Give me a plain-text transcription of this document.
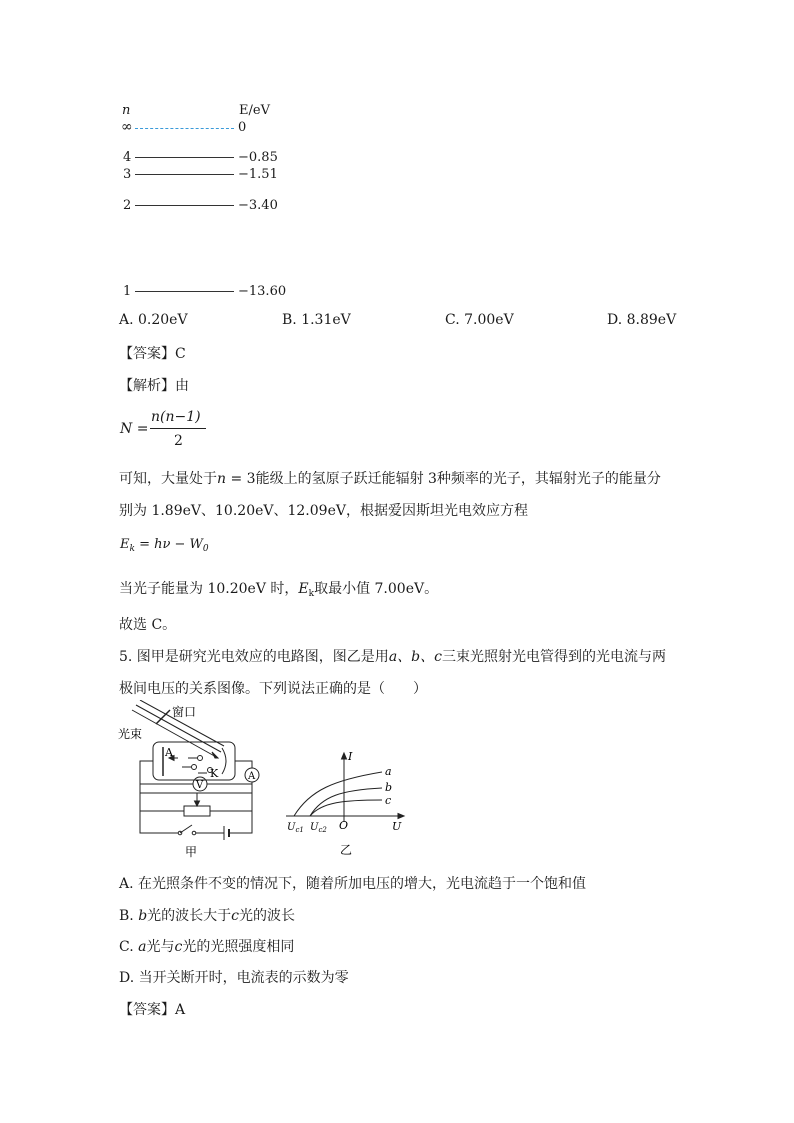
n	E/eV
∞	0
4	−0.85
3	−1.51
2	−3.40
1	−13.60
A. 0.20eV	B. 1.31eV	C. 7.00eV	D. 8.89eV
【答案】C
【解析】由
N =
n(n−1)
2
可知，大量处于n = 3能级上的氢原子跃迁能辐射 3种频率的光子，其辐射光子的能量分
别为 1.89eV、10.20eV、12.09eV，根据爱因斯坦光电效应方程
$E_k = h\nu - W_0$
当光子能量为 10.20eV 时，$E_k$取最小值 7.00eV。
故选 C。
5. 图甲是研究光电效应的电路图，图乙是用a、b、c三束光照射光电管得到的光电流与两
极间电压的关系图像。下列说法正确的是（　　）
窗口
光束
A
K
V
A
甲
I
U
O
a
b
c
$U_{c1}$ $U_{c2}$
乙
A. 在光照条件不变的情况下，随着所加电压的增大，光电流趋于一个饱和值
B. b光的波长大于c光的波长
C. a光与c光的光照强度相同
D. 当开关断开时，电流表的示数为零
【答案】A
